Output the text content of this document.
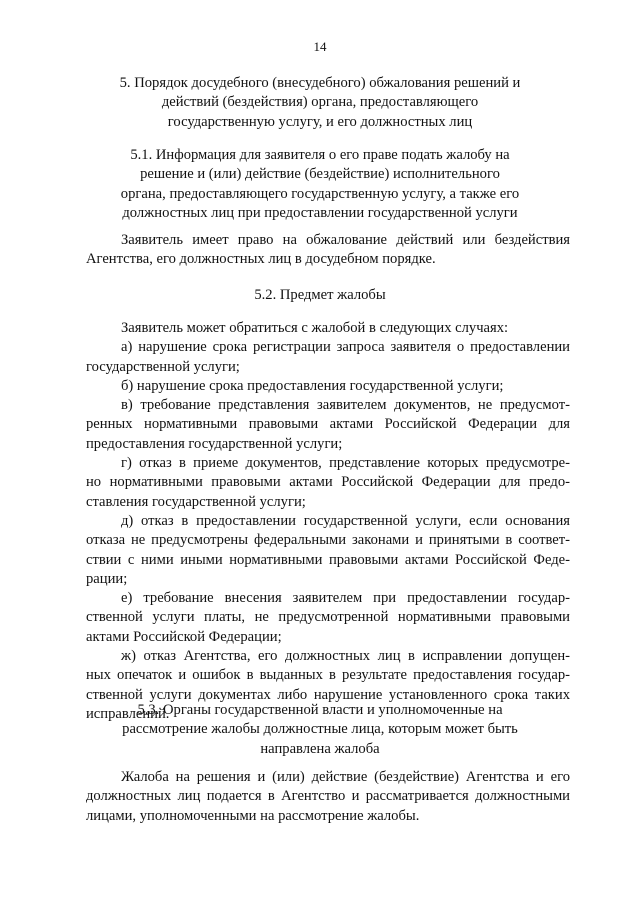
14
5. Порядок досудебного (внесудебного) обжалования решений и
действий (бездействия) органа, предоставляющего
государственную услугу, и его должностных лиц
5.1. Информация для заявителя о его праве подать жалобу на
решение и (или) действие (бездействие) исполнительного
органа, предоставляющего государственную услугу, а также его
должностных лиц при предоставлении государственной услуги
Заявитель имеет право на обжалование действий или бездействия
Агентства, его должностных лиц в досудебном порядке.
5.2. Предмет жалобы
Заявитель может обратиться с жалобой в следующих случаях:
а) нарушение срока регистрации запроса заявителя о предоставлении
государственной услуги;
б) нарушение срока предоставления государственной услуги;
в) требование представления заявителем документов, не предусмот-
ренных нормативными правовыми актами Российской Федерации для
предоставления государственной услуги;
г) отказ в приеме документов, представление которых предусмотре-
но нормативными правовыми актами Российской Федерации для предо-
ставления государственной услуги;
д) отказ в предоставлении государственной услуги, если основания
отказа не предусмотрены федеральными законами и принятыми в соответ-
ствии с ними иными нормативными правовыми актами Российской Феде-
рации;
е) требование внесения заявителем при предоставлении государ-
ственной услуги платы, не предусмотренной нормативными правовыми
актами Российской Федерации;
ж) отказ Агентства, его должностных лиц в исправлении допущен-
ных опечаток и ошибок в выданных в результате предоставления государ-
ственной услуги документах либо нарушение установленного срока таких
исправлений.
5.3. Органы государственной власти и уполномоченные на
рассмотрение жалобы должностные лица, которым может быть
направлена жалоба
Жалоба на решения и (или) действие (бездействие) Агентства и его
должностных лиц подается в Агентство и рассматривается должностными
лицами, уполномоченными на рассмотрение жалобы.
